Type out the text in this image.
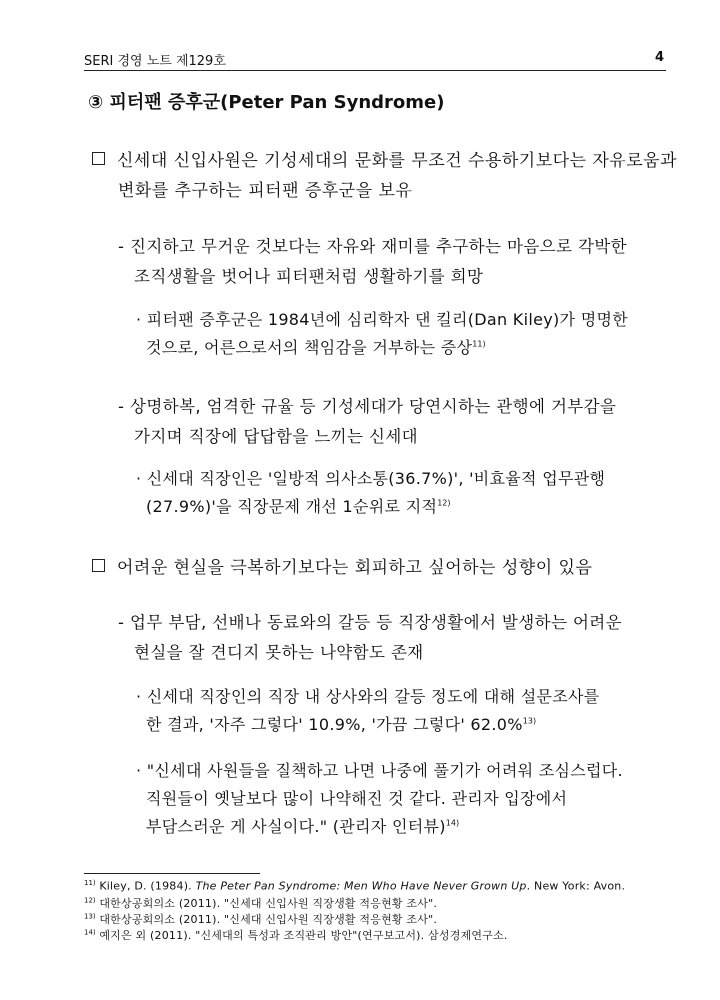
SERI 경영 노트 제129호	4
③ 피터팬 증후군(Peter Pan Syndrome)
신세대 신입사원은 기성세대의 문화를 무조건 수용하기보다는 자유로움과
변화를 추구하는 피터팬 증후군을 보유
- 진지하고 무거운 것보다는 자유와 재미를 추구하는 마음으로 각박한
조직생활을 벗어나 피터팬처럼 생활하기를 희망
· 피터팬 증후군은 1984년에 심리학자 댄 킬리(Dan Kiley)가 명명한
것으로, 어른으로서의 책임감을 거부하는 증상$^{11)}$
- 상명하복, 엄격한 규율 등 기성세대가 당연시하는 관행에 거부감을
가지며 직장에 답답함을 느끼는 신세대
· 신세대 직장인은 '일방적 의사소통(36.7%)', '비효율적 업무관행
(27.9%)'을 직장문제 개선 1순위로 지적$^{12)}$
어려운 현실을 극복하기보다는 회피하고 싶어하는 성향이 있음
- 업무 부담, 선배나 동료와의 갈등 등 직장생활에서 발생하는 어려운
현실을 잘 견디지 못하는 나약함도 존재
· 신세대 직장인의 직장 내 상사와의 갈등 정도에 대해 설문조사를
한 결과, '자주 그렇다' 10.9%, '가끔 그렇다' 62.0%$^{13)}$
· "신세대 사원들을 질책하고 나면 나중에 풀기가 어려워 조심스럽다.
직원들이 옛날보다 많이 나약해진 것 같다. 관리자 입장에서
부담스러운 게 사실이다." (관리자 인터뷰)$^{14)}$
$^{11)}$ Kiley, D. (1984). The Peter Pan Syndrome: Men Who Have Never Grown Up. New York: Avon.
$^{12)}$ 대한상공회의소 (2011). "신세대 신입사원 직장생활 적응현황 조사".
$^{13)}$ 대한상공회의소 (2011). "신세대 신입사원 직장생활 적응현황 조사".
$^{14)}$ 예지은 외 (2011). "신세대의 특성과 조직관리 방안"(연구보고서). 삼성경제연구소.
